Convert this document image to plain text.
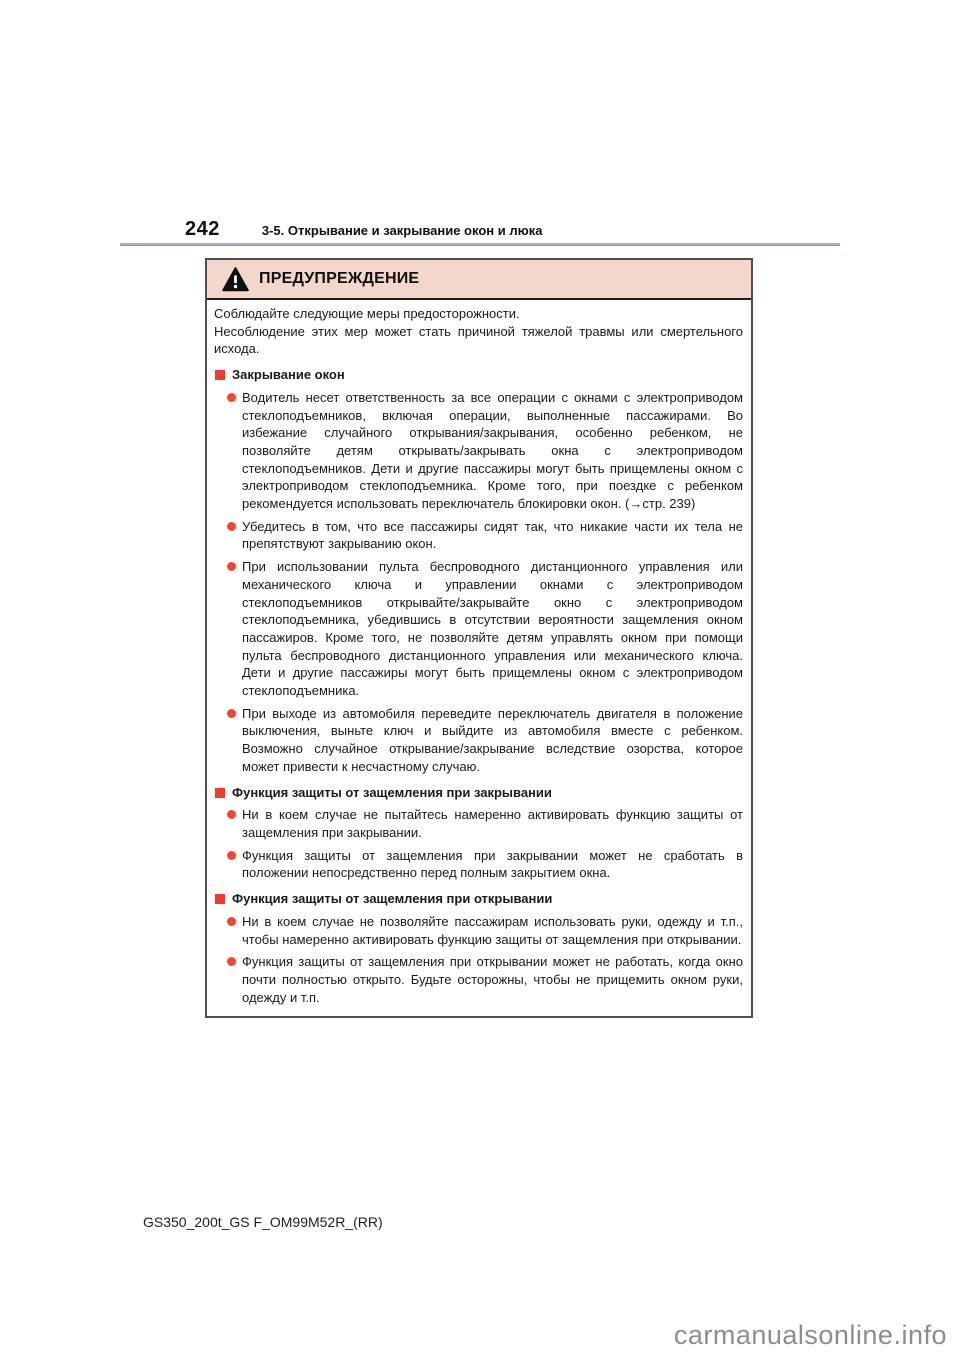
242	3-5. Открывание и закрывание окон и люка
ПРЕДУПРЕЖДЕНИЕ

Соблюдайте следующие меры предосторожности.

Несоблюдение этих мер может стать причиной тяжелой травмы или смертельного исхода.

Закрывание окон
Водитель несет ответственность за все операции с окнами с электроприводом стеклоподъемников, включая операции, выполненные пассажирами. Во избежание случайного открывания/закрывания, особенно ребенком, не позволяйте детям открывать/закрывать окна с электроприводом стеклоподъемников. Дети и другие пассажиры могут быть прищемлены окном с электроприводом стеклоподъемника. Кроме того, при поездке с ребенком рекомендуется использовать переключатель блокировки окон. (→стр. 239)
Убедитесь в том, что все пассажиры сидят так, что никакие части их тела не препятствуют закрыванию окон.
При использовании пульта беспроводного дистанционного управления или механического ключа и управлении окнами с электроприводом стеклоподъемников открывайте/закрывайте окно с электроприводом стеклоподъемника, убедившись в отсутствии вероятности защемления окном пассажиров. Кроме того, не позволяйте детям управлять окном при помощи пульта беспроводного дистанционного управления или механического ключа. Дети и другие пассажиры могут быть прищемлены окном с электроприводом стеклоподъемника.
При выходе из автомобиля переведите переключатель двигателя в положение выключения, выньте ключ и выйдите из автомобиля вместе с ребенком. Возможно случайное открывание/закрывание вследствие озорства, которое может привести к несчастному случаю.
Функция защиты от защемления при закрывании
Ни в коем случае не пытайтесь намеренно активировать функцию защиты от защемления при закрывании.
Функция защиты от защемления при закрывании может не сработать в положении непосредственно перед полным закрытием окна.
Функция защиты от защемления при открывании
Ни в коем случае не позволяйте пассажирам использовать руки, одежду и т.п., чтобы намеренно активировать функцию защиты от защемления при открывании.
Функция защиты от защемления при открывании может не работать, когда окно почти полностью открыто. Будьте осторожны, чтобы не прищемить окном руки, одежду и т.п.
GS350_200t_GS F_OM99M52R_(RR)
carmanualsonline.info
